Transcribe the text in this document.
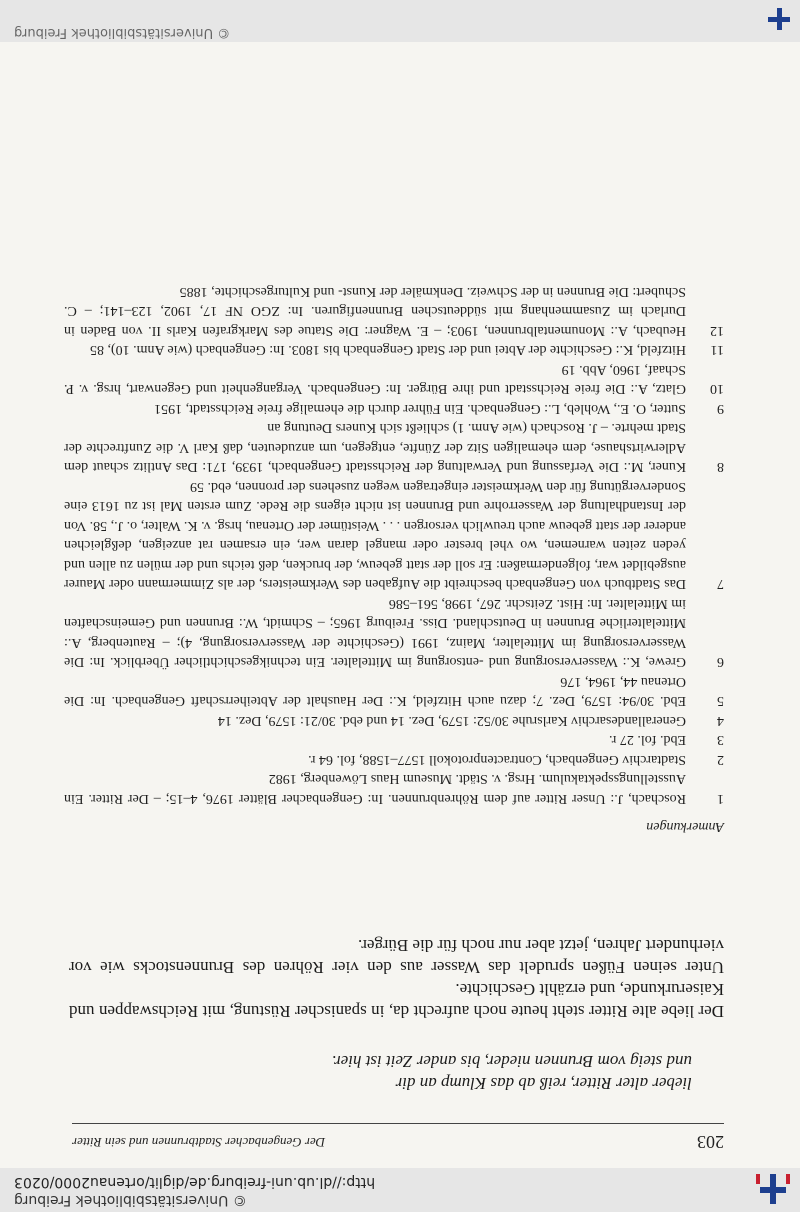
© Universitätsbibliothek Freiburg
http://dl.ub.uni-freiburg.de/diglit/ortenau2000/0203
203
Der Gengenbacher Stadtbrunnen und sein Ritter
lieber alter Ritter, reiß ab das Klump an dir
und steig vom Brunnen nieder, bis ander Zeit ist hier.

Der liebe alte Ritter steht heute noch aufrecht da, in spanischer Rüstung, mit Reichswappen und Kaiserurkunde, und erzählt Geschichte.

Unter seinen Füßen sprudelt das Wasser aus den vier Röhren des Brunnenstocks wie vor vierhundert Jahren, jetzt aber nur noch für die Bürger.

Anmerkungen
1
Roschach, J.: Unser Ritter auf dem Röhrenbrunnen. In: Gengenbacher Blätter 1976, 4–15; – Der Ritter. Ein Ausstellungsspektakulum. Hrsg. v. Städt. Museum Haus Löwenberg, 1982
2
Stadtarchiv Gengenbach, Contractenprotokoll 1577–1588, fol. 64 r.
3
Ebd. fol. 27 r.
4
Generallandesarchiv Karlsruhe 30/52: 1579, Dez. 14 und ebd. 30/21: 1579, Dez. 14
5
Ebd. 30/94: 1579, Dez. 7; dazu auch Hitzfeld, K.: Der Haushalt der Abteiherrschaft Gengenbach. In: Die Ortenau 44, 1964, 176
6
Grewe, K.: Wasserversorgung und -entsorgung im Mittelalter. Ein technikgeschichtlicher Überblick. In: Die Wasserversorgung im Mittelalter, Mainz, 1991 (Geschichte der Wasserversorgung, 4); – Rautenberg, A.: Mittelalterliche Brunnen in Deutschland. Diss. Freiburg 1965; – Schmidt, W.: Brunnen und Gemeinschaften im Mittelalter. In: Hist. Zeitschr. 267, 1998, 561–586
7
Das Stadtbuch von Gengenbach beschreibt die Aufgaben des Werkmeisters, der als Zimmermann oder Maurer ausgebildet war, folgendermaßen: Er soll der statt gebeuw, der brucken, deß teichs und der mülen zu allen und yeden zeiten warnemen, wo vhel brester oder mangel daran wer, ein ersamen rat anzeigen, deßgleichen anderer der statt gebeuw auch treuwlich versorgen . . . Weistümer der Ortenau, hrsg. v. K. Walter, o. J., 58. Von der Instandhaltung der Wasserrohre und Brunnen ist nicht eigens die Rede. Zum ersten Mal ist zu 1613 eine Sondervergütung für den Werkmeister eingetragen wegen zusehens der pronnen, ebd. 59
8
Kuner, M.: Die Verfassung und Verwaltung der Reichsstadt Gengenbach, 1939, 171: Das Antlitz schaut dem Adlerwirtshause, dem ehemaligen Sitz der Zünfte, entgegen, um anzudeuten, daß Karl V. die Zunftrechte der Stadt mehrte. – J. Roschach (wie Anm. 1) schließt sich Kuners Deutung an
9
Sutter, O. E., Wohleb, L.: Gengenbach. Ein Führer durch die ehemalige freie Reichsstadt, 1951
10
Glatz, A.: Die freie Reichsstadt und ihre Bürger. In: Gengenbach. Vergangenheit und Gegenwart, hrsg. v. P. Schaaf, 1960, Abb. 19
11
Hitzfeld, K.: Geschichte der Abtei und der Stadt Gengenbach bis 1803. In: Gengenbach (wie Anm. 10), 85
12
Heubach, A.: Monumentalbrunnen, 1903; – E. Wagner: Die Statue des Markgrafen Karls II. von Baden in Durlach im Zusammenhang mit süddeutschen Brunnenfiguren. In: ZGO NF 17, 1902, 123–141; – C. Schubert: Die Brunnen in der Schweiz. Denkmäler der Kunst- und Kulturgeschichte, 1885
© Universitätsbibliothek Freiburg
